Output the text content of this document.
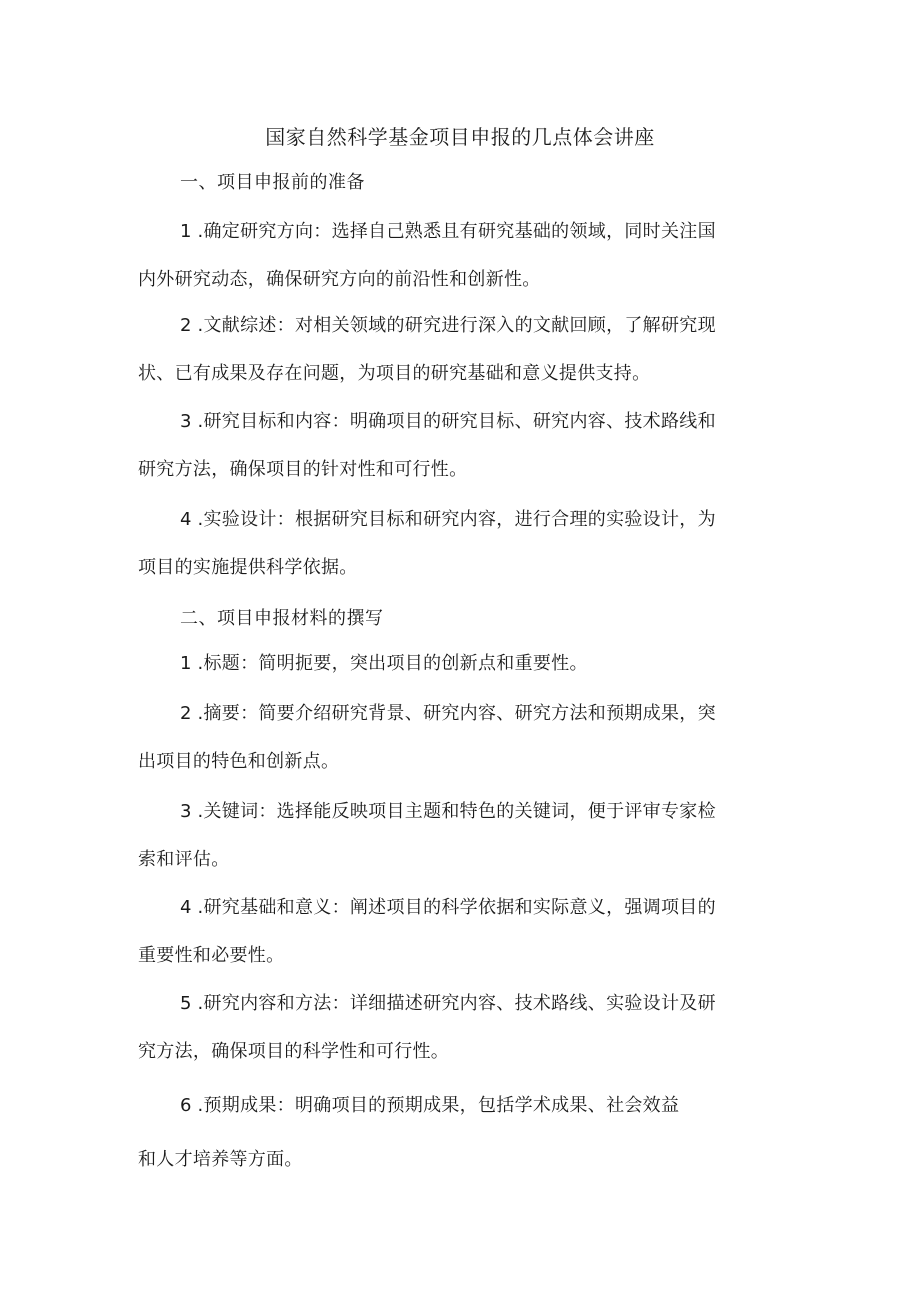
国家自然科学基金项目申报的几点体会讲座
一、项目申报前的准备

1.确定研究方向：选择自己熟悉且有研究基础的领域，同时关注国
内外研究动态，确保研究方向的前沿性和创新性。

2.文献综述：对相关领域的研究进行深入的文献回顾，了解研究现
状、已有成果及存在问题，为项目的研究基础和意义提供支持。

3.研究目标和内容：明确项目的研究目标、研究内容、技术路线和
研究方法，确保项目的针对性和可行性。

4.实验设计：根据研究目标和研究内容，进行合理的实验设计，为
项目的实施提供科学依据。

二、项目申报材料的撰写

1.标题：简明扼要，突出项目的创新点和重要性。

2.摘要：简要介绍研究背景、研究内容、研究方法和预期成果，突
出项目的特色和创新点。

3.关键词：选择能反映项目主题和特色的关键词，便于评审专家检
索和评估。

4.研究基础和意义：阐述项目的科学依据和实际意义，强调项目的
重要性和必要性。

5.研究内容和方法：详细描述研究内容、技术路线、实验设计及研
究方法，确保项目的科学性和可行性。

6.预期成果：明确项目的预期成果，包括学术成果、社会效益
和人才培养等方面。
